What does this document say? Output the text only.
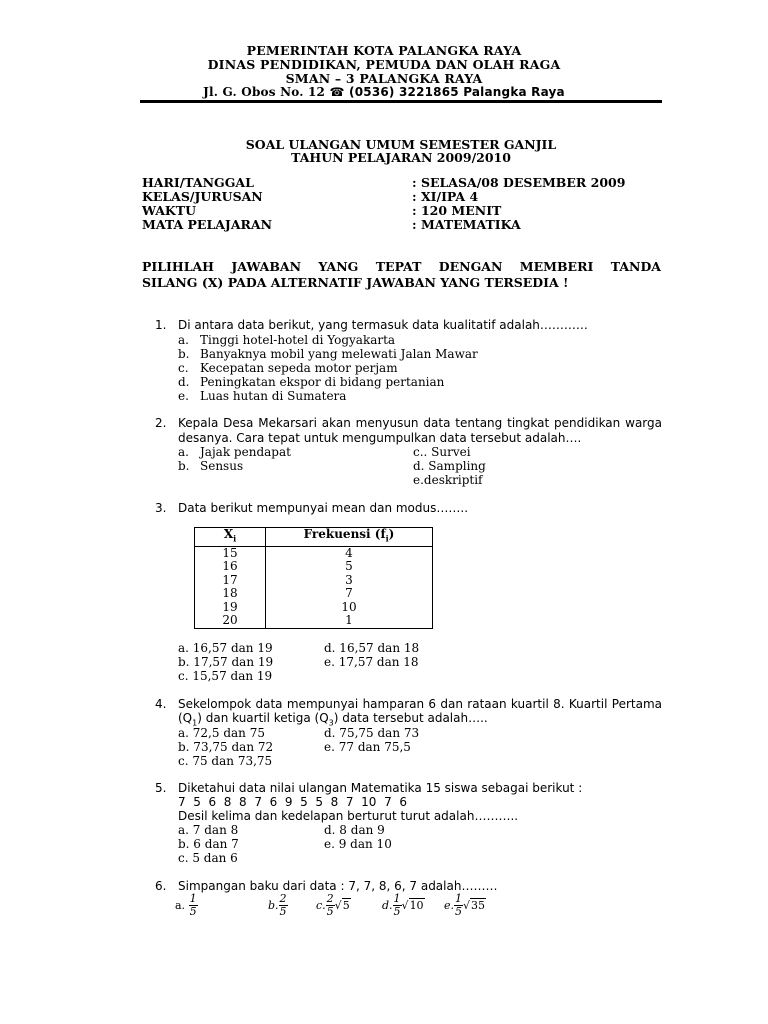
PEMERINTAH KOTA PALANGKA RAYA
DINAS PENDIDIKAN, PEMUDA DAN OLAH RAGA
SMAN – 3 PALANGKA RAYA
Jl. G. Obos No. 12 ☎ (0536) 3221865 Palangka Raya
SOAL ULANGAN UMUM SEMESTER GANJIL
TAHUN PELAJARAN 2009/2010
HARI/TANGGAL	: SELASA/08 DESEMBER 2009
KELAS/JURUSAN	: XI/IPA 4
WAKTU	: 120 MENIT
MATA PELAJARAN	: MATEMATIKA
PILIHLAH JAWABAN YANG TEPAT DENGAN MEMBERI TANDA
SILANG (X) PADA ALTERNATIF JAWABAN YANG TERSEDIA !
1. Di antara data berikut, yang termasuk data kualitatif adalah…………
a. Tinggi hotel-hotel di Yogyakarta
b. Banyaknya mobil yang melewati Jalan Mawar
c. Kecepatan sepeda motor perjam
d. Peningkatan ekspor di bidang pertanian
e. Luas hutan di Sumatera
2. Kepala Desa Mekarsari akan menyusun data tentang tingkat pendidikan warga
desanya. Cara tepat untuk mengumpulkan data tersebut adalah….
a. Jajak pendapat
b. Sensus
c.. Survei
d. Sampling
e.deskriptif
3. Data berikut mempunyai mean dan modus……..
$X_i$	Frekuensi $(f_i)$
15	4
16	5
17	3
18	7
19	10
20	1
a. 16,57 dan 19
b. 17,57 dan 19
c. 15,57 dan 19
d. 16,57 dan 18
e. 17,57 dan 18
4. Sekelompok data mempunyai hamparan 6 dan rataan kuartil 8. Kuartil Pertama
$(Q_1)$ dan kuartil ketiga $(Q_3)$ data tersebut adalah…..
a. 72,5 dan 75
b. 73,75 dan 72
c. 75 dan 73,75
d. 75,75 dan 73
e. 77 dan 75,5
5. Diketahui data nilai ulangan Matematika 15 siswa sebagai berikut :
7  5  6  8  8  7  6  9  5  5  8  7  10  7  6
Desil kelima dan kedelapan berturut turut adalah………..
a. 7 dan 8
b. 6 dan 7
c. 5 dan 6
d. 8 dan 9
e. 9 dan 10
6. Simpangan baku dari data : 7, 7, 8, 6, 7 adalah………
a. $\frac{1}{5}$	b. $\frac{2}{5}$	c. $\frac{2}{5} √5$	d. $\frac{1}{5} √10$ e. $\frac{1}{5} √35$
